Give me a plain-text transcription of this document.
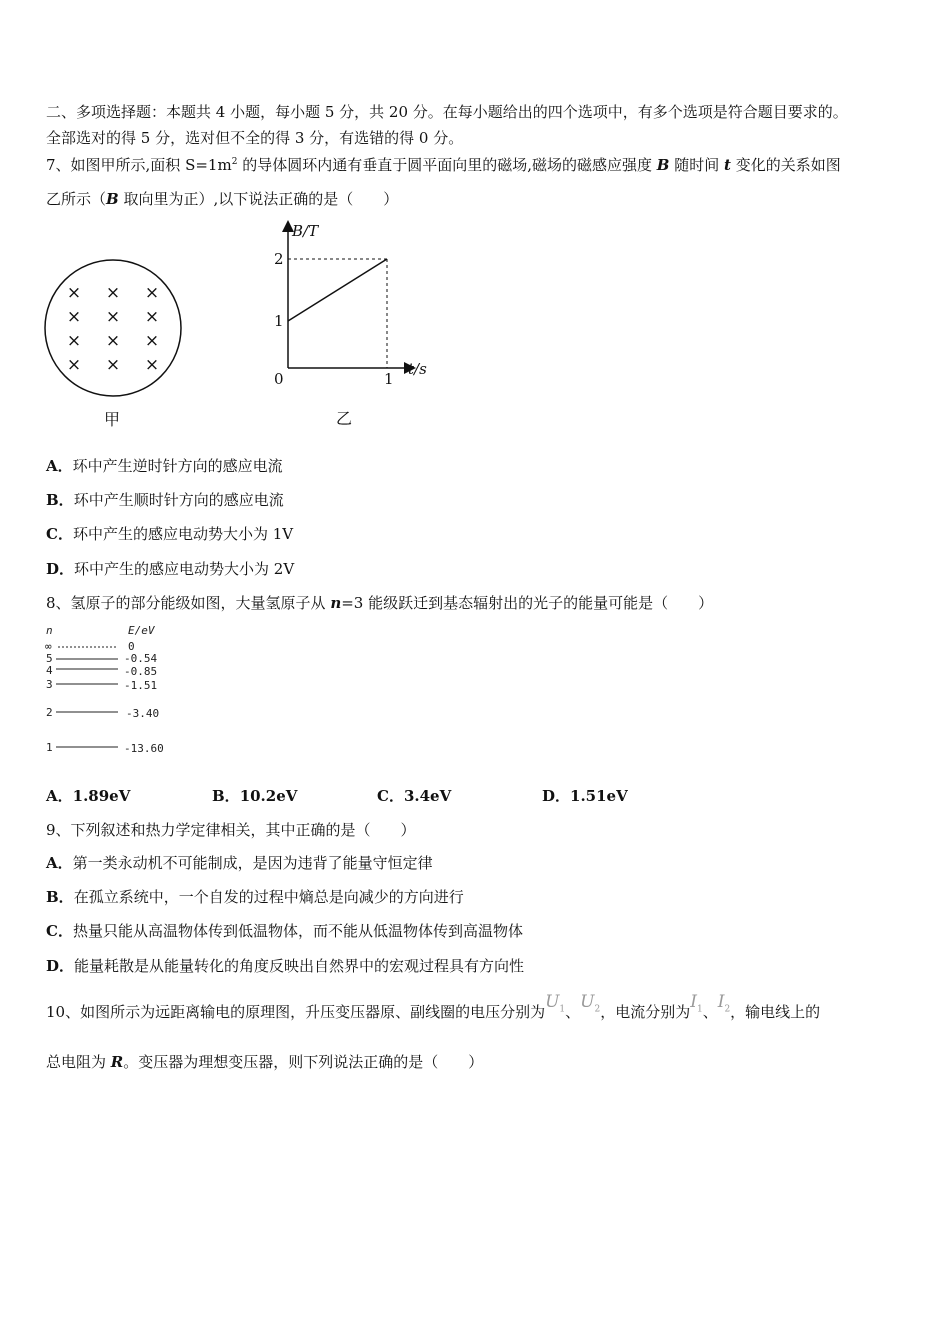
二、多项选择题：本题共 4 小题，每小题 5 分，共 20 分。在每小题给出的四个选项中，有多个选项是符合题目要求的。
全部选对的得 5 分，选对但不全的得 3 分，有选错的得 0 分。
7、如图甲所示,面积 $S=1m^2$ 的导体圆环内通有垂直于圆平面向里的磁场,磁场的磁感应强度 B 随时间 t 变化的关系如图
乙所示（B 取向里为正）,以下说法正确的是（　　）
× × ×
× × ×
× × ×
× × ×
甲
B/T
t/s
0
1
2
1
乙
A．环中产生逆时针方向的感应电流
B．环中产生顺时针方向的感应电流
C．环中产生的感应电动势大小为 1V
D．环中产生的感应电动势大小为 2V
8、氢原子的部分能级如图，大量氢原子从 n=3 能级跃迁到基态辐射出的光子的能量可能是（　　）
n	E/eV
∞	0
5	-0.54
4	-0.85
3	-1.51
2	-3.40
1	-13.60
A．1.89eV	B．10.2eV	C．3.4eV	D．1.51eV
9、下列叙述和热力学定律相关，其中正确的是（　　）
A．第一类永动机不可能制成，是因为违背了能量守恒定律
B．在孤立系统中，一个自发的过程中熵总是向减少的方向进行
C．热量只能从高温物体传到低温物体，而不能从低温物体传到高温物体
D．能量耗散是从能量转化的角度反映出自然界中的宏观过程具有方向性
10、如图所示为远距离输电的原理图，升压变压器原、副线圈的电压分别为$U_1$、$U_2$，电流分别为$I_1$、$I_2$，输电线上的
总电阻为 R。变压器为理想变压器，则下列说法正确的是（　　）
